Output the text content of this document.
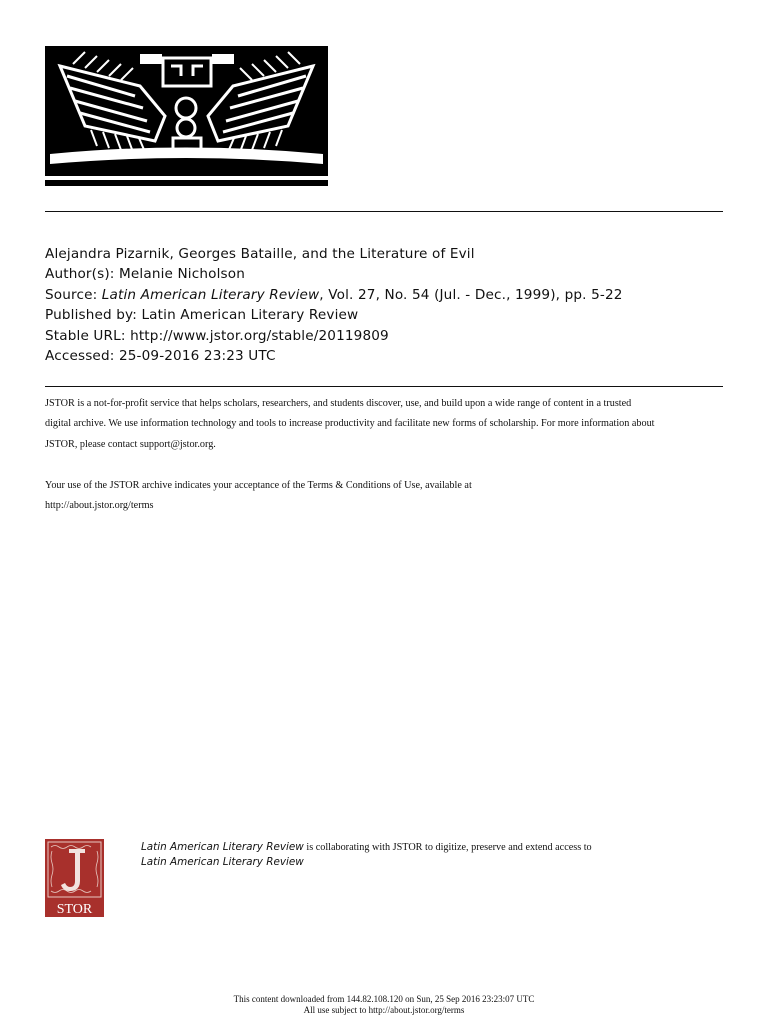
Alejandra Pizarnik, Georges Bataille, and the Literature of Evil
Author(s): Melanie Nicholson
Source: Latin American Literary Review, Vol. 27, No. 54 (Jul. - Dec., 1999), pp. 5-22
Published by: Latin American Literary Review
Stable URL: http://www.jstor.org/stable/20119809
Accessed: 25-09-2016 23:23 UTC
JSTOR is a not-for-profit service that helps scholars, researchers, and students discover, use, and build upon a wide range of content in a trusted
digital archive. We use information technology and tools to increase productivity and facilitate new forms of scholarship. For more information about
JSTOR, please contact support@jstor.org.
Your use of the JSTOR archive indicates your acceptance of the Terms & Conditions of Use, available at
http://about.jstor.org/terms
STOR
Latin American Literary Review is collaborating with JSTOR to digitize, preserve and extend access to
Latin American Literary Review
This content downloaded from 144.82.108.120 on Sun, 25 Sep 2016 23:23:07 UTC
All use subject to http://about.jstor.org/terms
